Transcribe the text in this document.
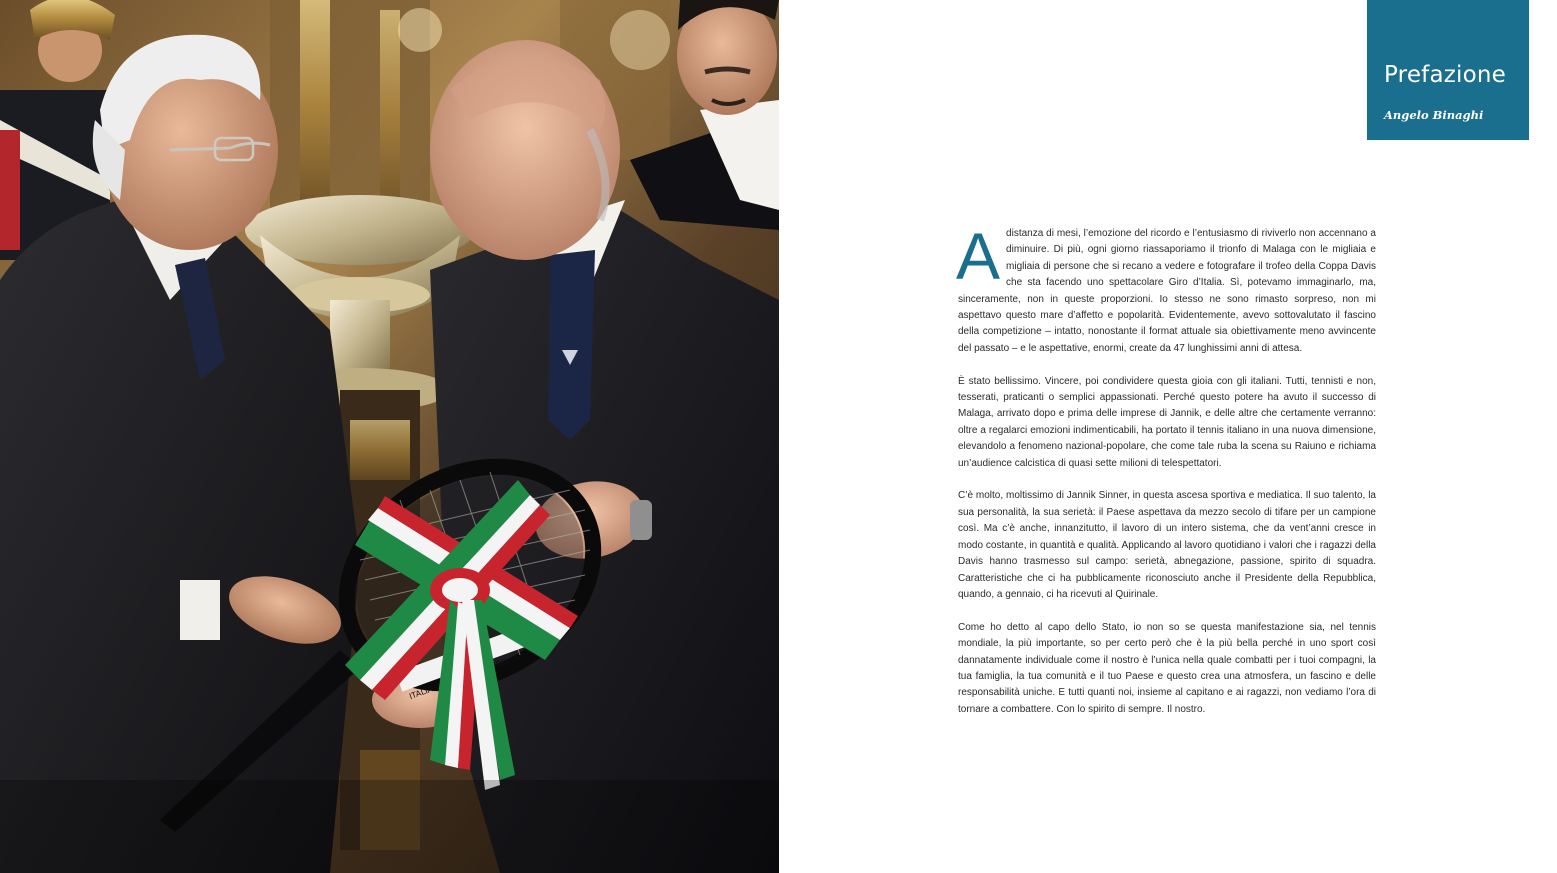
ITALIA · ARELLA
Prefazione
Angelo Binaghi

A distanza di mesi, l’emozione del ricordo e l’entusiasmo di riviverlo non accennano a diminuire. Di più, ogni giorno riassaporiamo il trionfo di Malaga con le migliaia e migliaia di persone che si recano a vedere e fotografare il trofeo della Coppa Davis che sta facendo uno spettacolare Giro d’Italia. Sì, potevamo immaginarlo, ma, sinceramente, non in queste proporzioni. Io stesso ne sono rimasto sorpreso, non mi aspettavo questo mare d’affetto e popolarità. Evidentemente, avevo sottovalutato il fascino della competizione – intatto, nonostante il format attuale sia obiettivamente meno avvincente del passato – e le aspettative, enormi, create da 47 lunghissimi anni di attesa.

È stato bellissimo. Vincere, poi condividere questa gioia con gli italiani. Tutti, tennisti e non, tesserati, praticanti o semplici appassionati. Perché questo potere ha avuto il successo di Malaga, arrivato dopo e prima delle imprese di Jannik, e delle altre che certamente verranno: oltre a regalarci emozioni indimenticabili, ha portato il tennis italiano in una nuova dimensione, elevandolo a fenomeno nazional-popolare, che come tale ruba la scena su Raiuno e richiama un’audience calcistica di quasi sette milioni di telespettatori.

C’è molto, moltissimo di Jannik Sinner, in questa ascesa sportiva e mediatica. Il suo talento, la sua personalità, la sua serietà: il Paese aspettava da mezzo secolo di tifare per un campione così. Ma c’è anche, innanzitutto, il lavoro di un intero sistema, che da vent’anni cresce in modo costante, in quantità e qualità. Applicando al lavoro quotidiano i valori che i ragazzi della Davis hanno trasmesso sul campo: serietà, abnegazione, passione, spirito di squadra. Caratteristiche che ci ha pubblicamente riconosciuto anche il Presidente della Repubblica, quando, a gennaio, ci ha ricevuti al Quirinale.

Come ho detto al capo dello Stato, io non so se questa manifestazione sia, nel tennis mondiale, la più importante, so per certo però che è la più bella perché in uno sport così dannatamente individuale come il nostro è l’unica nella quale combatti per i tuoi compagni, la tua famiglia, la tua comunità e il tuo Paese e questo crea una atmosfera, un fascino e delle responsabilità uniche. E tutti quanti noi, insieme al capitano e ai ragazzi, non vediamo l’ora di tornare a combattere. Con lo spirito di sempre. Il nostro.
